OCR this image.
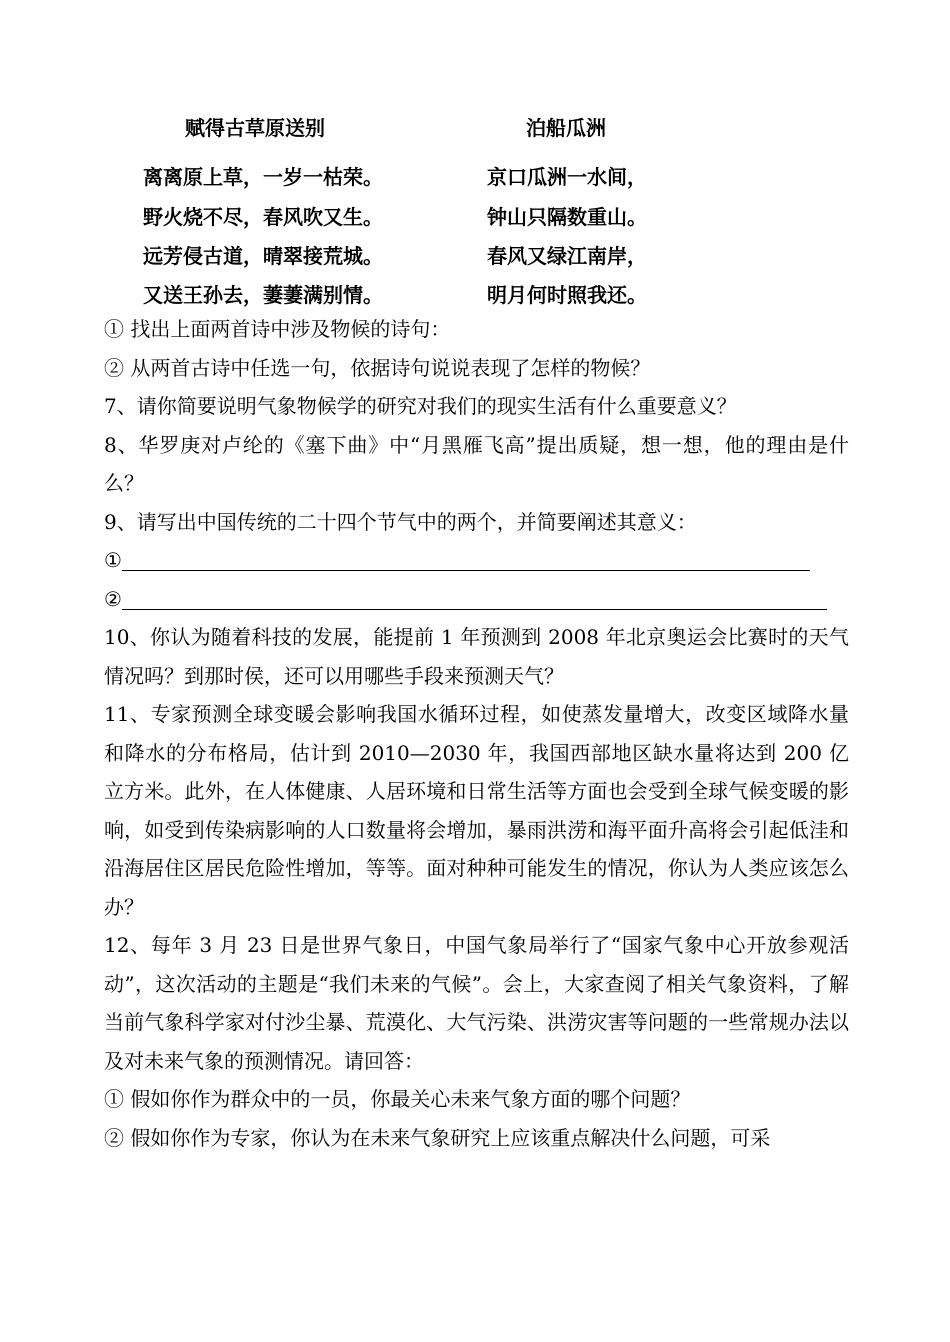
赋得古草原送别
离离原上草，一岁一枯荣。
野火烧不尽，春风吹又生。
远芳侵古道，晴翠接荒城。
又送王孙去，萋萋满别情。
泊船瓜洲
京口瓜洲一水间，
钟山只隔数重山。
春风又绿江南岸，
明月何时照我还。

① 找出上面两首诗中涉及物候的诗句：

② 从两首古诗中任选一句，依据诗句说说表现了怎样的物候？

7、请你简要说明气象物候学的研究对我们的现实生活有什么重要意义？

8、华罗庚对卢纶的《塞下曲》中“月黑雁飞高”提出质疑，想一想，他的理由是什么？

9、请写出中国传统的二十四个节气中的两个，并简要阐述其意义：

①

②

10、你认为随着科技的发展，能提前 1 年预测到 2008 年北京奥运会比赛时的天气情况吗？到那时侯，还可以用哪些手段来预测天气？

11、专家预测全球变暖会影响我国水循环过程，如使蒸发量增大，改变区域降水量和降水的分布格局，估计到 2010—2030 年，我国西部地区缺水量将达到 200 亿立方米。此外，在人体健康、人居环境和日常生活等方面也会受到全球气候变暖的影响，如受到传染病影响的人口数量将会增加，暴雨洪涝和海平面升高将会引起低洼和沿海居住区居民危险性增加，等等。面对种种可能发生的情况，你认为人类应该怎么办？

12、每年 3 月 23 日是世界气象日，中国气象局举行了“国家气象中心开放参观活动”，这次活动的主题是“我们未来的气候”。会上，大家查阅了相关气象资料，了解当前气象科学家对付沙尘暴、荒漠化、大气污染、洪涝灾害等问题的一些常规办法以及对未来气象的预测情况。请回答：

① 假如你作为群众中的一员，你最关心未来气象方面的哪个问题？

② 假如你作为专家，你认为在未来气象研究上应该重点解决什么问题，可采
